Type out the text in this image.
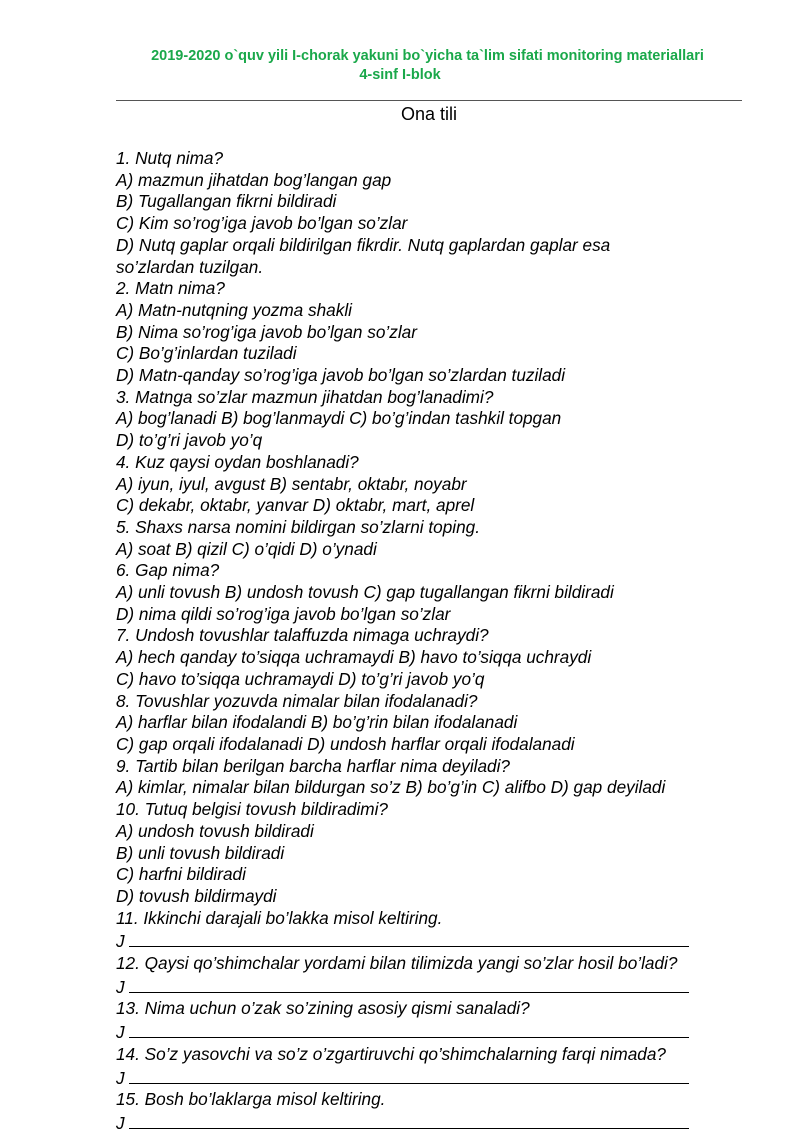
2019-2020 o`quv yili I-chorak yakuni bo`yicha ta`lim sifati monitoring materiallari
4-sinf I-blok
Ona tili
1. Nutq nima?
A) mazmun jihatdan bog’langan gap
B) Tugallangan fikrni bildiradi
C) Kim so’rog’iga javob bo’lgan so’zlar
D) Nutq gaplar orqali bildirilgan fikrdir. Nutq gaplardan gaplar esa
so’zlardan tuzilgan.
2. Matn nima?
A) Matn-nutqning yozma shakli
B) Nima so’rog’iga javob bo’lgan so’zlar
C) Bo’g’inlardan tuziladi
D) Matn-qanday so’rog’iga javob bo’lgan so’zlardan tuziladi
3. Matnga so’zlar mazmun jihatdan bog’lanadimi?
A) bog’lanadi B) bog’lanmaydi C) bo’g’indan tashkil topgan
D) to’g’ri javob yo’q
4. Kuz qaysi oydan boshlanadi?
A) iyun, iyul, avgust B) sentabr, oktabr, noyabr
C) dekabr, oktabr, yanvar D) oktabr, mart, aprel
5. Shaxs narsa nomini bildirgan so’zlarni toping.
A) soat B) qizil C) o’qidi D) o’ynadi
6. Gap nima?
A) unli tovush B) undosh tovush C) gap tugallangan fikrni bildiradi
D) nima qildi so’rog’iga javob bo’lgan so’zlar
7. Undosh tovushlar talaffuzda nimaga uchraydi?
A) hech qanday to’siqqa uchramaydi B) havo to’siqqa uchraydi
C) havo to’siqqa uchramaydi D) to’g’ri javob yo’q
8. Tovushlar yozuvda nimalar bilan ifodalanadi?
A) harflar bilan ifodalandi B) bo’g’rin bilan ifodalanadi
C) gap orqali ifodalanadi D) undosh harflar orqali ifodalanadi
9. Tartib bilan berilgan barcha harflar nima deyiladi?
A) kimlar, nimalar bilan bildurgan so’z B) bo’g’in C) alifbo D) gap deyiladi
10. Tutuq belgisi tovush bildiradimi?
A) undosh tovush bildiradi
B) unli tovush bildiradi
C) harfni bildiradi
D) tovush bildirmaydi
11. Ikkinchi darajali bo’lakka misol keltiring.
J
12. Qaysi qo’shimchalar yordami bilan tilimizda yangi so’zlar hosil bo’ladi?
J
13. Nima uchun o’zak so’zining asosiy qismi sanaladi?
J
14. So’z yasovchi va so’z o’zgartiruvchi qo’shimchalarning farqi nimada?
J
15. Bosh bo’laklarga misol keltiring.
J
